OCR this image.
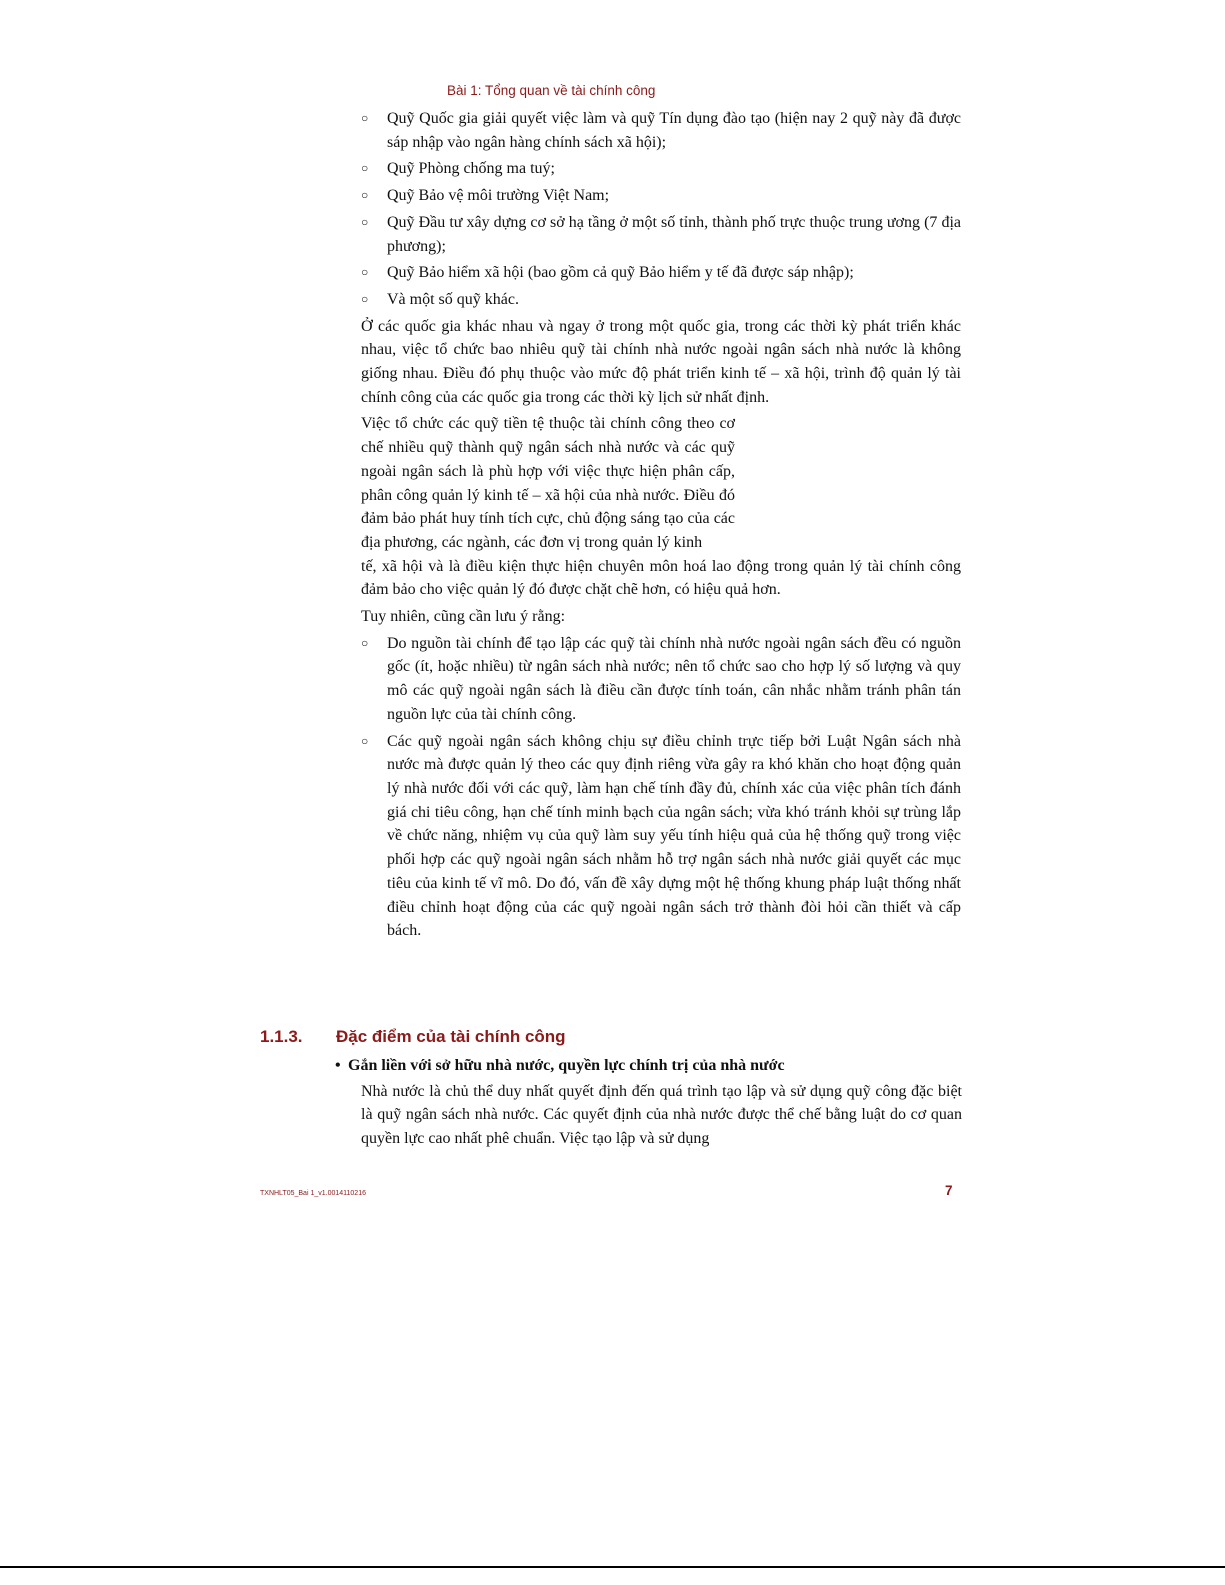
Bài 1: Tổng quan về tài chính công
○ Quỹ Quốc gia giải quyết việc làm và quỹ Tín dụng đào tạo (hiện nay 2 quỹ này đã được sáp nhập vào ngân hàng chính sách xã hội);
○ Quỹ Phòng chống ma tuý;
○ Quỹ Bảo vệ môi trường Việt Nam;
○ Quỹ Đầu tư xây dựng cơ sở hạ tầng ở một số tỉnh, thành phố trực thuộc trung ương (7 địa phương);
○ Quỹ Bảo hiểm xã hội (bao gồm cả quỹ Bảo hiểm y tế đã được sáp nhập);
○ Và một số quỹ khác.
Ở các quốc gia khác nhau và ngay ở trong một quốc gia, trong các thời kỳ phát triển khác nhau, việc tổ chức bao nhiêu quỹ tài chính nhà nước ngoài ngân sách nhà nước là không giống nhau. Điều đó phụ thuộc vào mức độ phát triển kinh tế – xã hội, trình độ quản lý tài chính công của các quốc gia trong các thời kỳ lịch sử nhất định.
Việc tổ chức các quỹ tiền tệ thuộc tài chính công theo cơ chế nhiều quỹ thành quỹ ngân sách nhà nước và các quỹ ngoài ngân sách là phù hợp với việc thực hiện phân cấp, phân công quản lý kinh tế – xã hội của nhà nước. Điều đó đảm bảo phát huy tính tích cực, chủ động sáng tạo của các địa phương, các ngành, các đơn vị trong quản lý kinh
tế, xã hội và là điều kiện thực hiện chuyên môn hoá lao động trong quản lý tài chính công đảm bảo cho việc quản lý đó được chặt chẽ hơn, có hiệu quả hơn.
Tuy nhiên, cũng cần lưu ý rằng:
○ Do nguồn tài chính để tạo lập các quỹ tài chính nhà nước ngoài ngân sách đều có nguồn gốc (ít, hoặc nhiều) từ ngân sách nhà nước; nên tổ chức sao cho hợp lý số lượng và quy mô các quỹ ngoài ngân sách là điều cần được tính toán, cân nhắc nhằm tránh phân tán nguồn lực của tài chính công.
○ Các quỹ ngoài ngân sách không chịu sự điều chỉnh trực tiếp bởi Luật Ngân sách nhà nước mà được quản lý theo các quy định riêng vừa gây ra khó khăn cho hoạt động quản lý nhà nước đối với các quỹ, làm hạn chế tính đầy đủ, chính xác của việc phân tích đánh giá chi tiêu công, hạn chế tính minh bạch của ngân sách; vừa khó tránh khỏi sự trùng lắp về chức năng, nhiệm vụ của quỹ làm suy yếu tính hiệu quả của hệ thống quỹ trong việc phối hợp các quỹ ngoài ngân sách nhằm hỗ trợ ngân sách nhà nước giải quyết các mục tiêu của kinh tế vĩ mô. Do đó, vấn đề xây dựng một hệ thống khung pháp luật thống nhất điều chỉnh hoạt động của các quỹ ngoài ngân sách trở thành đòi hỏi cần thiết và cấp bách.
1.1.3. Đặc điểm của tài chính công
• Gắn liền với sở hữu nhà nước, quyền lực chính trị của nhà nước
Nhà nước là chủ thể duy nhất quyết định đến quá trình tạo lập và sử dụng quỹ công đặc biệt là quỹ ngân sách nhà nước. Các quyết định của nhà nước được thể chế bằng luật do cơ quan quyền lực cao nhất phê chuẩn. Việc tạo lập và sử dụng
TXNHLT05_Bai 1_v1.0014110216	7
